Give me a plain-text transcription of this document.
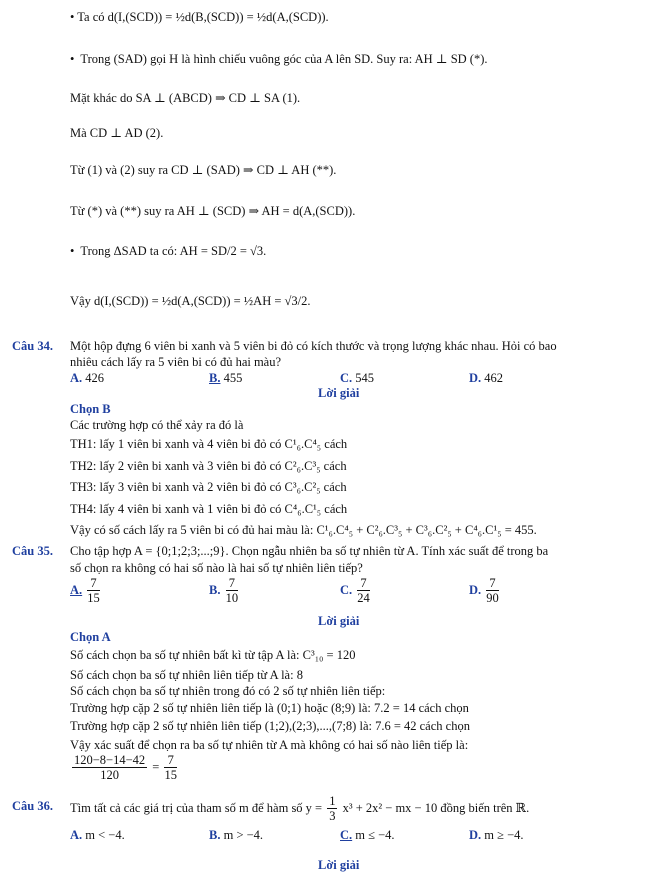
• Ta có d(I,(SCD)) = ½d(B,(SCD)) = ½d(A,(SCD)).
• Trong (SAD) gọi H là hình chiếu vuông góc của A lên SD. Suy ra: AH ⊥ SD (*).
Mặt khác do SA ⊥ (ABCD) ⇒ CD ⊥ SA (1).
Mà CD ⊥ AD (2).
Từ (1) và (2) suy ra CD ⊥ (SAD) ⇒ CD ⊥ AH (**).
Từ (*) và (**) suy ra AH ⊥ (SCD) ⇒ AH = d(A,(SCD)).
• Trong ΔSAD ta có: AH = SD/2 = √3.
Vậy d(I,(SCD)) = ½d(A,(SCD)) = ½AH = √3/2.
Câu 34. Một hộp đựng 6 viên bi xanh và 5 viên bi đỏ có kích thước và trọng lượng khác nhau. Hỏi có bao
nhiêu cách lấy ra 5 viên bi có đủ hai màu?
A. 426	B. 455	C. 545	D. 462
Lời giải
Chọn B
Các trường hợp có thể xảy ra đó là
TH1: lấy 1 viên bi xanh và 4 viên bi đỏ có C¹₆.C⁴₅ cách
TH2: lấy 2 viên bi xanh và 3 viên bi đỏ có C²₆.C³₅ cách
TH3: lấy 3 viên bi xanh và 2 viên bi đỏ có C³₆.C²₅ cách
TH4: lấy 4 viên bi xanh và 1 viên bi đỏ có C⁴₆.C¹₅ cách
Vậy có số cách lấy ra 5 viên bi có đủ hai màu là: C¹₆.C⁴₅ + C²₆.C³₅ + C³₆.C²₅ + C⁴₆.C¹₅ = 455.
Câu 35. Cho tập hợp A = {0;1;2;3;...;9}. Chọn ngẫu nhiên ba số tự nhiên từ A. Tính xác suất để trong ba
số chọn ra không có hai số nào là hai số tự nhiên liên tiếp?
A. $\frac{7}{15}$	B. $\frac{7}{10}$	C. $\frac{7}{24}$	D. $\frac{7}{90}$
Lời giải
Chọn A
Số cách chọn ba số tự nhiên bất kì từ tập A là: C³₁₀ = 120
Số cách chọn ba số tự nhiên liên tiếp từ A là: 8
Số cách chọn ba số tự nhiên trong đó có 2 số tự nhiên liên tiếp:
Trường hợp cặp 2 số tự nhiên liên tiếp là (0;1) hoặc (8;9) là: 7.2 = 14 cách chọn
Trường hợp cặp 2 số tự nhiên liên tiếp (1;2),(2;3),...,(7;8) là: 7.6 = 42 cách chọn
Vậy xác suất để chọn ra ba số tự nhiên từ A mà không có hai số nào liên tiếp là:
$\frac{120-8-14-42}{120} = \frac{7}{15}$
Câu 36. Tìm tất cả các giá trị của tham số m để hàm số $y = \frac{1}{3} x^3 + 2x^2$ − mx − 10 đồng biến trên ℝ.
A. m < −4.	B. m > −4.	C. m ≤ −4.	D. m ≥ −4.
Lời giải
